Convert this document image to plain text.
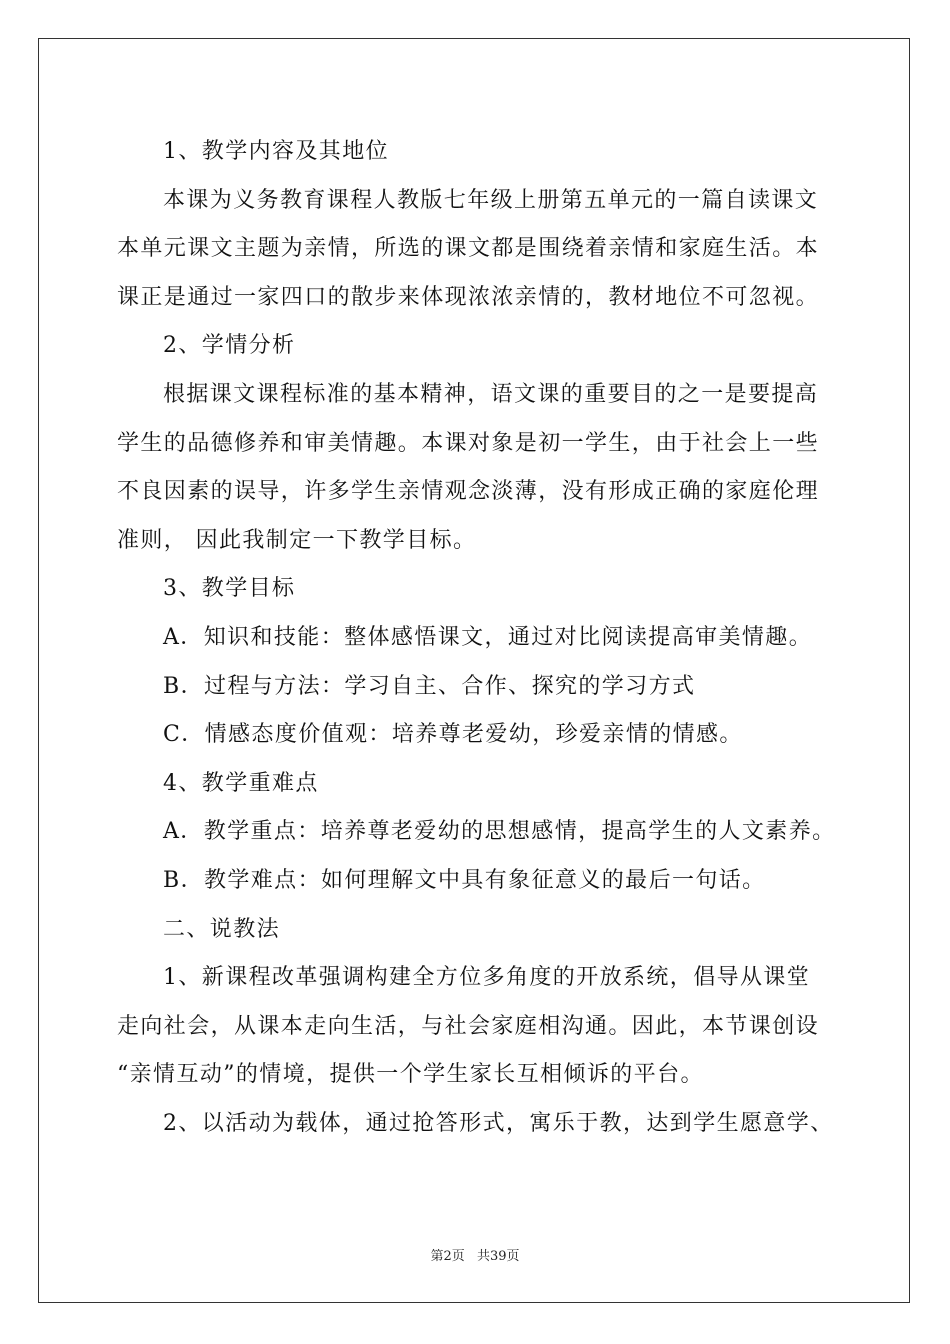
1、教学内容及其地位
本课为义务教育课程人教版七年级上册第五单元的一篇自读课文
本单元课文主题为亲情，所选的课文都是围绕着亲情和家庭生活。本
课正是通过一家四口的散步来体现浓浓亲情的，教材地位不可忽视。
2、学情分析
根据课文课程标准的基本精神，语文课的重要目的之一是要提高
学生的品德修养和审美情趣。本课对象是初一学生，由于社会上一些
不良因素的误导，许多学生亲情观念淡薄，没有形成正确的家庭伦理
准则， 因此我制定一下教学目标。
3、教学目标
A．知识和技能：整体感悟课文，通过对比阅读提高审美情趣。
B．过程与方法：学习自主、合作、探究的学习方式
C．情感态度价值观：培养尊老爱幼，珍爱亲情的情感。
4、教学重难点
A．教学重点：培养尊老爱幼的思想感情，提高学生的人文素养。
B．教学难点：如何理解文中具有象征意义的最后一句话。
二、说教法
1、新课程改革强调构建全方位多角度的开放系统，倡导从课堂
走向社会，从课本走向生活，与社会家庭相沟通。因此，本节课创设
“亲情互动”的情境，提供一个学生家长互相倾诉的平台。
2、以活动为载体，通过抢答形式，寓乐于教，达到学生愿意学、
第2页 共39页
